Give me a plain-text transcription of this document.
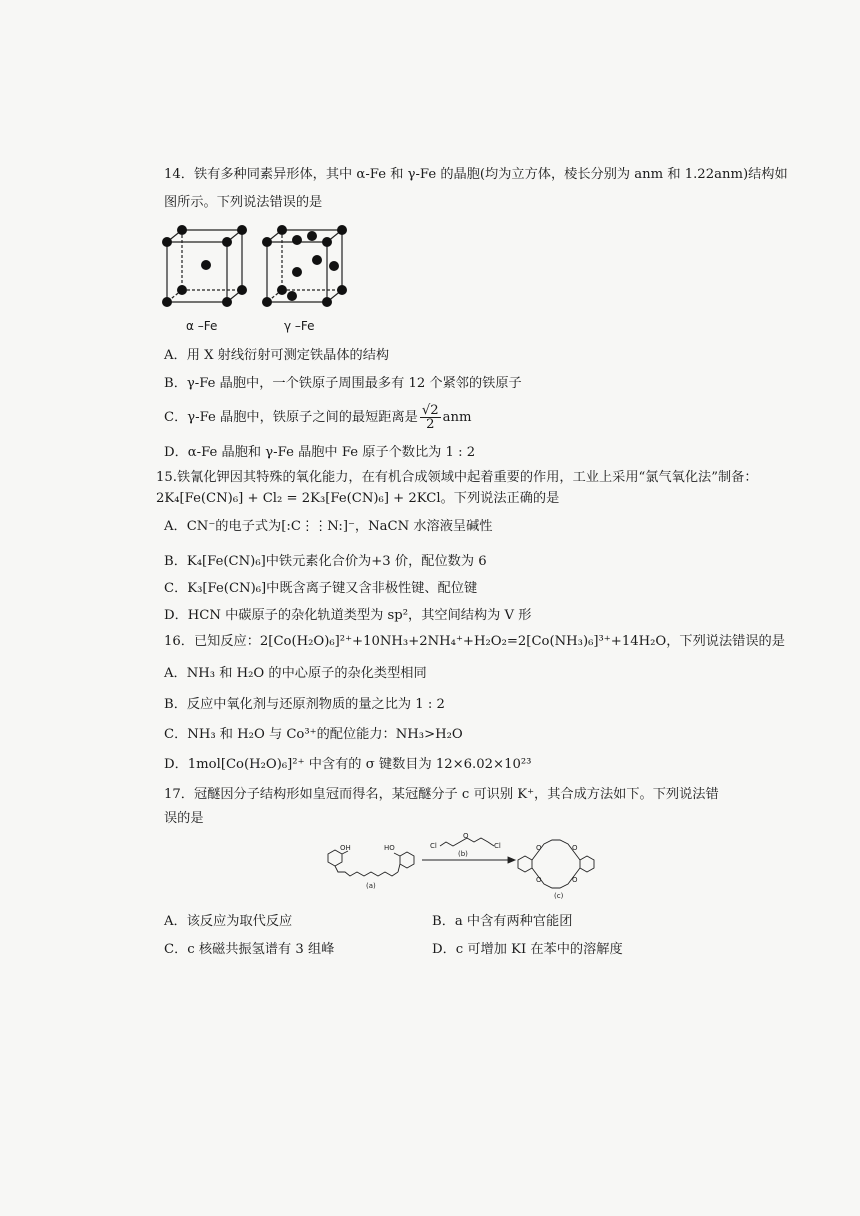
14．铁有多种同素异形体，其中 α-Fe 和 γ-Fe 的晶胞(均为立方体，棱长分别为 anm 和 1.22anm)结构如
图所示。下列说法错误的是
α –Fe	γ –Fe
A．用 X 射线衍射可测定铁晶体的结构
B．γ-Fe 晶胞中，一个铁原子周围最多有 12 个紧邻的铁原子
C．γ-Fe 晶胞中，铁原子之间的最短距离是 $\frac{√2}{2}$ anm
D．α-Fe 晶胞和 γ-Fe 晶胞中 Fe 原子个数比为 1 : 2
15.铁氰化钾因其特殊的氧化能力，在有机合成领域中起着重要的作用，工业上采用“氯气氧化法”制备：
2K₄[Fe(CN)₆] + Cl₂ = 2K₃[Fe(CN)₆] + 2KCl。下列说法正确的是
A．CN⁻的电子式为[:C⋮⋮N:]⁻，NaCN 水溶液呈碱性
B．K₄[Fe(CN)₆]中铁元素化合价为+3 价，配位数为 6
C．K₃[Fe(CN)₆]中既含离子键又含非极性键、配位键
D．HCN 中碳原子的杂化轨道类型为 sp²，其空间结构为 V 形
16．已知反应：2[Co(H₂O)₆]²⁺+10NH₃+2NH₄⁺+H₂O₂=2[Co(NH₃)₆]³⁺+14H₂O，下列说法错误的是
A．NH₃ 和 H₂O 的中心原子的杂化类型相同
B．反应中氧化剂与还原剂物质的量之比为 1 : 2
C．NH₃ 和 H₂O 与 Co³⁺的配位能力：NH₃>H₂O
D．1mol[Co(H₂O)₆]²⁺ 中含有的 σ 键数目为 12×6.02×10²³
17．冠醚因分子结构形如皇冠而得名，某冠醚分子 c 可识别 K⁺，其合成方法如下。下列说法错
误的是
OH	HO
(a)
(b)
Cl	Cl
(c)
O
O	O
O	O
A．该反应为取代反应	B．a 中含有两种官能团
C．c 核磁共振氢谱有 3 组峰	D．c 可增加 KI 在苯中的溶解度
